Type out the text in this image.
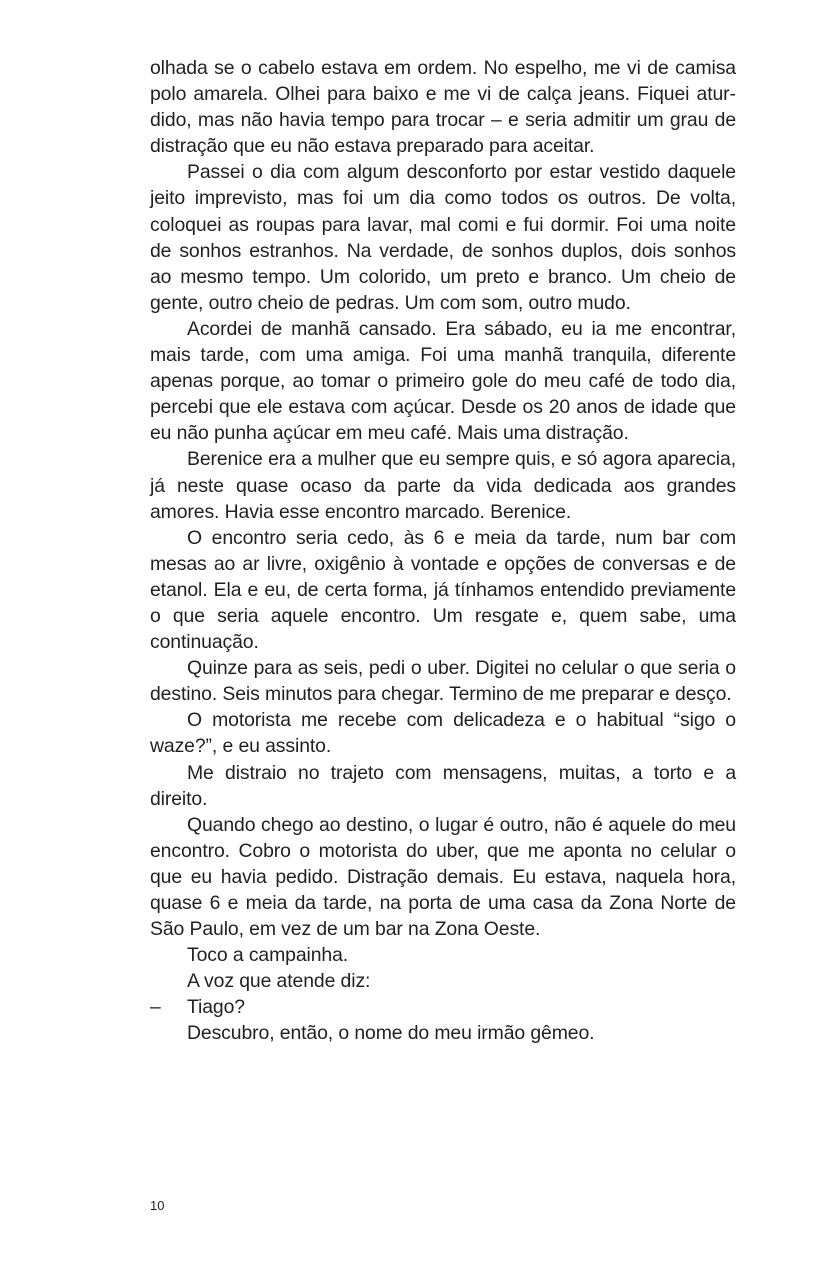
olhada se o cabelo estava em ordem. No espelho, me vi de camisa polo amarela. Olhei para baixo e me vi de calça jeans. Fiquei aturdido, mas não havia tempo para trocar – e seria admitir um grau de distração que eu não estava preparado para aceitar.

Passei o dia com algum desconforto por estar vestido daquele jeito imprevisto, mas foi um dia como todos os outros. De volta, coloquei as roupas para lavar, mal comi e fui dormir. Foi uma noite de sonhos estranhos. Na verdade, de sonhos duplos, dois sonhos ao mesmo tempo. Um colorido, um preto e branco. Um cheio de gente, outro cheio de pedras. Um com som, outro mudo.

Acordei de manhã cansado. Era sábado, eu ia me encontrar, mais tarde, com uma amiga. Foi uma manhã tranquila, diferente apenas porque, ao tomar o primeiro gole do meu café de todo dia, percebi que ele estava com açúcar. Desde os 20 anos de idade que eu não punha açúcar em meu café. Mais uma distração.

Berenice era a mulher que eu sempre quis, e só agora aparecia, já neste quase ocaso da parte da vida dedicada aos grandes amores. Havia esse encontro marcado. Berenice.

O encontro seria cedo, às 6 e meia da tarde, num bar com mesas ao ar livre, oxigênio à vontade e opções de conversas e de etanol. Ela e eu, de certa forma, já tínhamos entendido previamente o que seria aquele encontro. Um resgate e, quem sabe, uma continuação.

Quinze para as seis, pedi o uber. Digitei no celular o que seria o destino. Seis minutos para chegar. Termino de me preparar e desço.

O motorista me recebe com delicadeza e o habitual “sigo o waze?”, e eu assinto.

Me distraio no trajeto com mensagens, muitas, a torto e a direito.

Quando chego ao destino, o lugar é outro, não é aquele do meu encontro. Cobro o motorista do uber, que me aponta no celular o que eu havia pedido. Distração demais. Eu estava, naquela hora, quase 6 e meia da tarde, na porta de uma casa da Zona Norte de São Paulo, em vez de um bar na Zona Oeste.

Toco a campainha.

A voz que atende diz:

– Tiago?

Descubro, então, o nome do meu irmão gêmeo.

10
